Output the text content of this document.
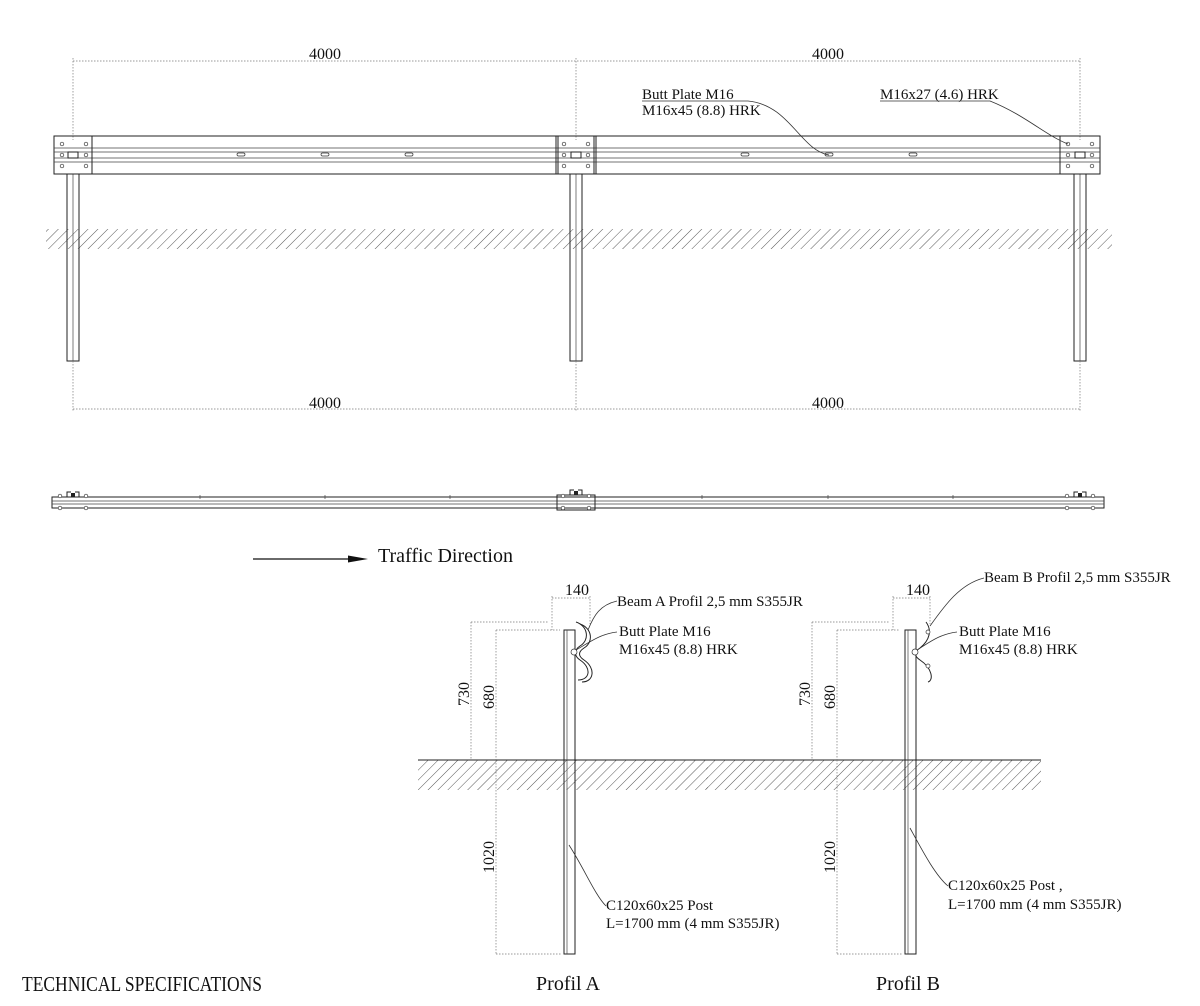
4000	4000
Butt Plate M16
M16x45 (8.8) HRK
M16x27 (4.6) HRK
4000	4000
Traffic Direction
140
730 680
1020
Beam A Profil 2,5 mm S355JR
Butt Plate M16
M16x45 (8.8) HRK
C120x60x25 Post
L=1700 mm (4 mm S355JR)
Profil A
140
730 680
1020
Beam B Profil 2,5 mm S355JR
Butt Plate M16
M16x45 (8.8) HRK
C120x60x25 Post ,
L=1700 mm (4 mm S355JR)
Profil B
TECHNICAL SPECIFICATIONS
